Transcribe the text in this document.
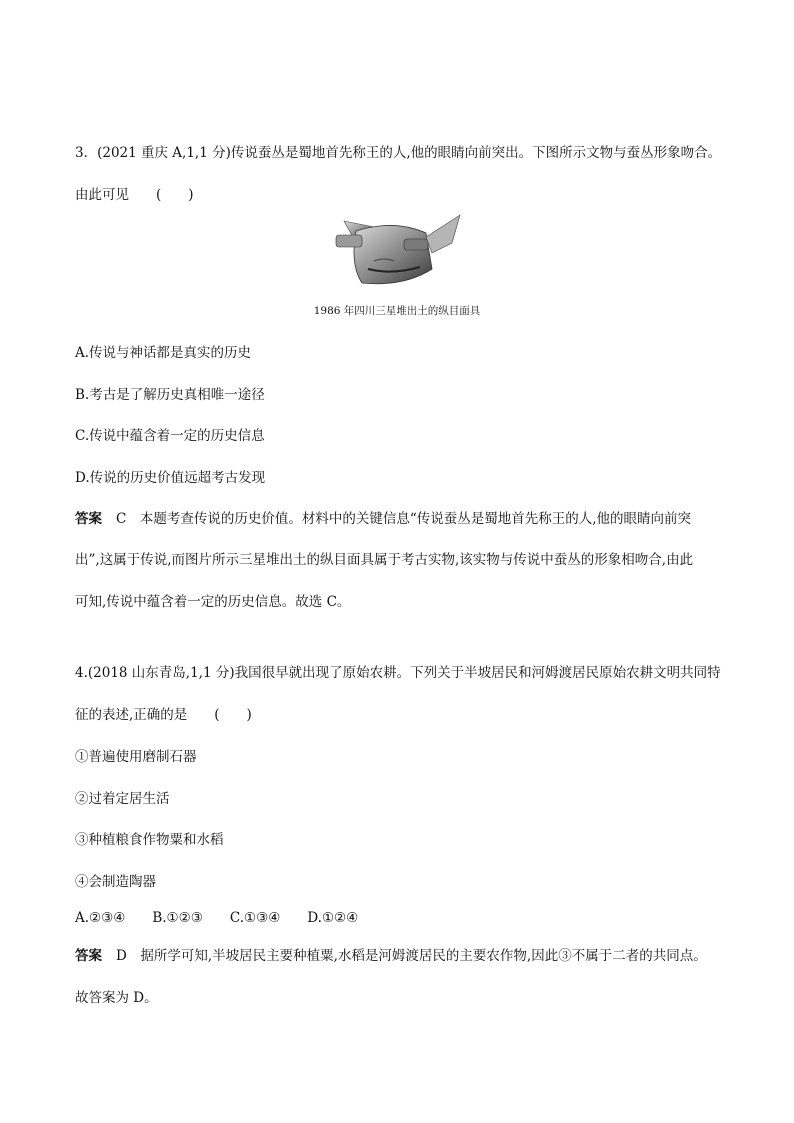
3．(2021 重庆 A,1,1 分)传说蚕丛是蜀地首先称王的人,他的眼睛向前突出。下图所示文物与蚕丛形象吻合。
由此可见　　(　　)
1986 年四川三星堆出土的纵目面具
A.传说与神话都是真实的历史
B.考古是了解历史真相唯一途径
C.传说中蕴含着一定的历史信息
D.传说的历史价值远超考古发现
答案 C　本题考查传说的历史价值。材料中的关键信息“传说蚕丛是蜀地首先称王的人,他的眼睛向前突
出”,这属于传说,而图片所示三星堆出土的纵目面具属于考古实物,该实物与传说中蚕丛的形象相吻合,由此
可知,传说中蕴含着一定的历史信息。故选 C。
4.(2018 山东青岛,1,1 分)我国很早就出现了原始农耕。下列关于半坡居民和河姆渡居民原始农耕文明共同特
征的表述,正确的是　　(　　)
①普遍使用磨制石器
②过着定居生活
③种植粮食作物粟和水稻
④会制造陶器
A.②③④　　B.①②③　　C.①③④　　D.①②④
答案 D　据所学可知,半坡居民主要种植粟,水稻是河姆渡居民的主要农作物,因此③不属于二者的共同点。
故答案为 D。
